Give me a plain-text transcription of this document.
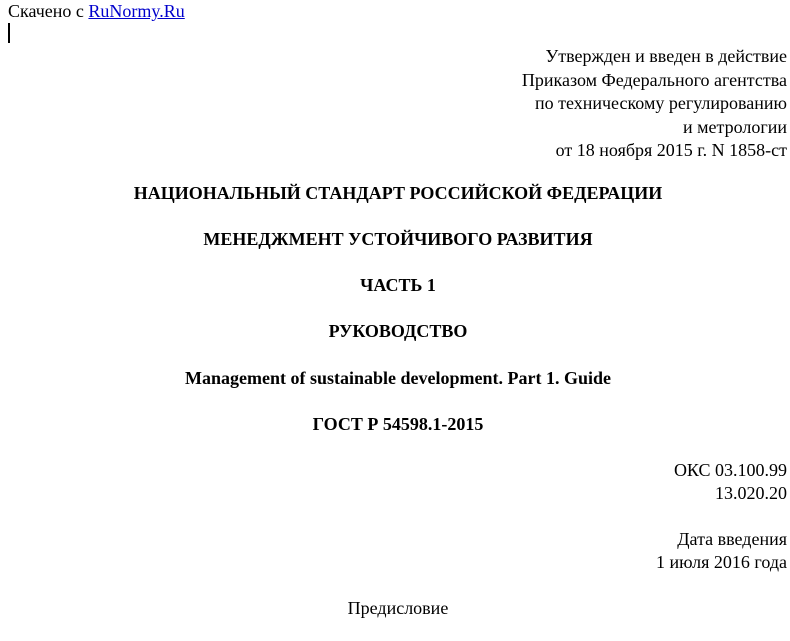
Скачено с RuNormy.Ru
Утвержден и введен в действие
Приказом Федерального агентства
по техническому регулированию
и метрологии
от 18 ноября 2015 г. N 1858-ст
НАЦИОНАЛЬНЫЙ СТАНДАРТ РОССИЙСКОЙ ФЕДЕРАЦИИ
МЕНЕДЖМЕНТ УСТОЙЧИВОГО РАЗВИТИЯ
ЧАСТЬ 1
РУКОВОДСТВО
Management of sustainable development. Part 1. Guide
ГОСТ Р 54598.1-2015
ОКС 03.100.99
13.020.20
Дата введения
1 июля 2016 года
Предисловие
